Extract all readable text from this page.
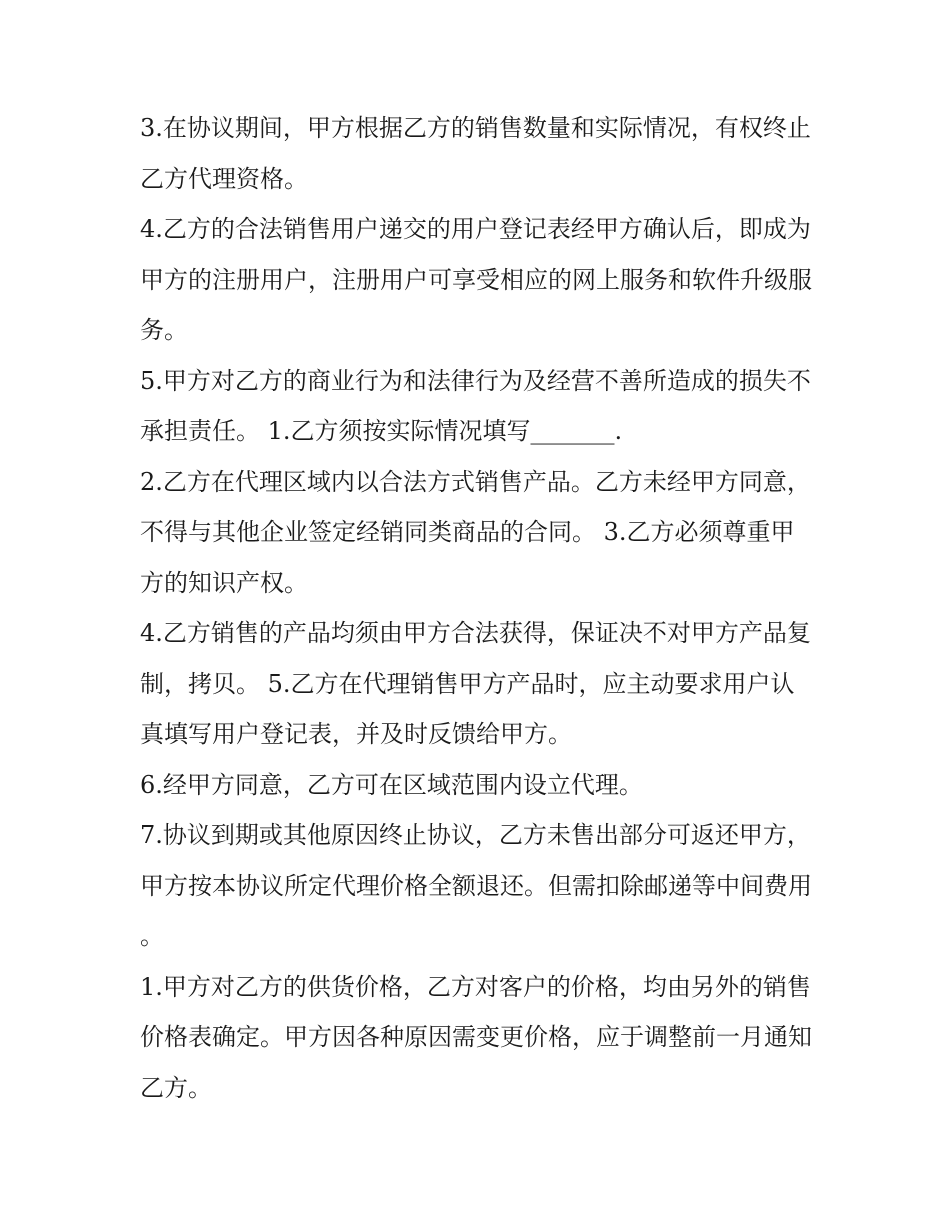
3.在协议期间，甲方根据乙方的销售数量和实际情况，有权终止乙方代理资格。

4.乙方的合法销售用户递交的用户登记表经甲方确认后，即成为甲方的注册用户，注册用户可享受相应的网上服务和软件升级服务。

5.甲方对乙方的商业行为和法律行为及经营不善所造成的损失不承担责任。 1.乙方须按实际情况填写_______.

2.乙方在代理区域内以合法方式销售产品。乙方未经甲方同意，不得与其他企业签定经销同类商品的合同。 3.乙方必须尊重甲方的知识产权。

4.乙方销售的产品均须由甲方合法获得，保证决不对甲方产品复制，拷贝。 5.乙方在代理销售甲方产品时，应主动要求用户认真填写用户登记表，并及时反馈给甲方。

6.经甲方同意，乙方可在区域范围内设立代理。

7.协议到期或其他原因终止协议，乙方未售出部分可返还甲方，甲方按本协议所定代理价格全额退还。但需扣除邮递等中间费用。

1.甲方对乙方的供货价格，乙方对客户的价格，均由另外的销售价格表确定。甲方因各种原因需变更价格，应于调整前一月通知乙方。
